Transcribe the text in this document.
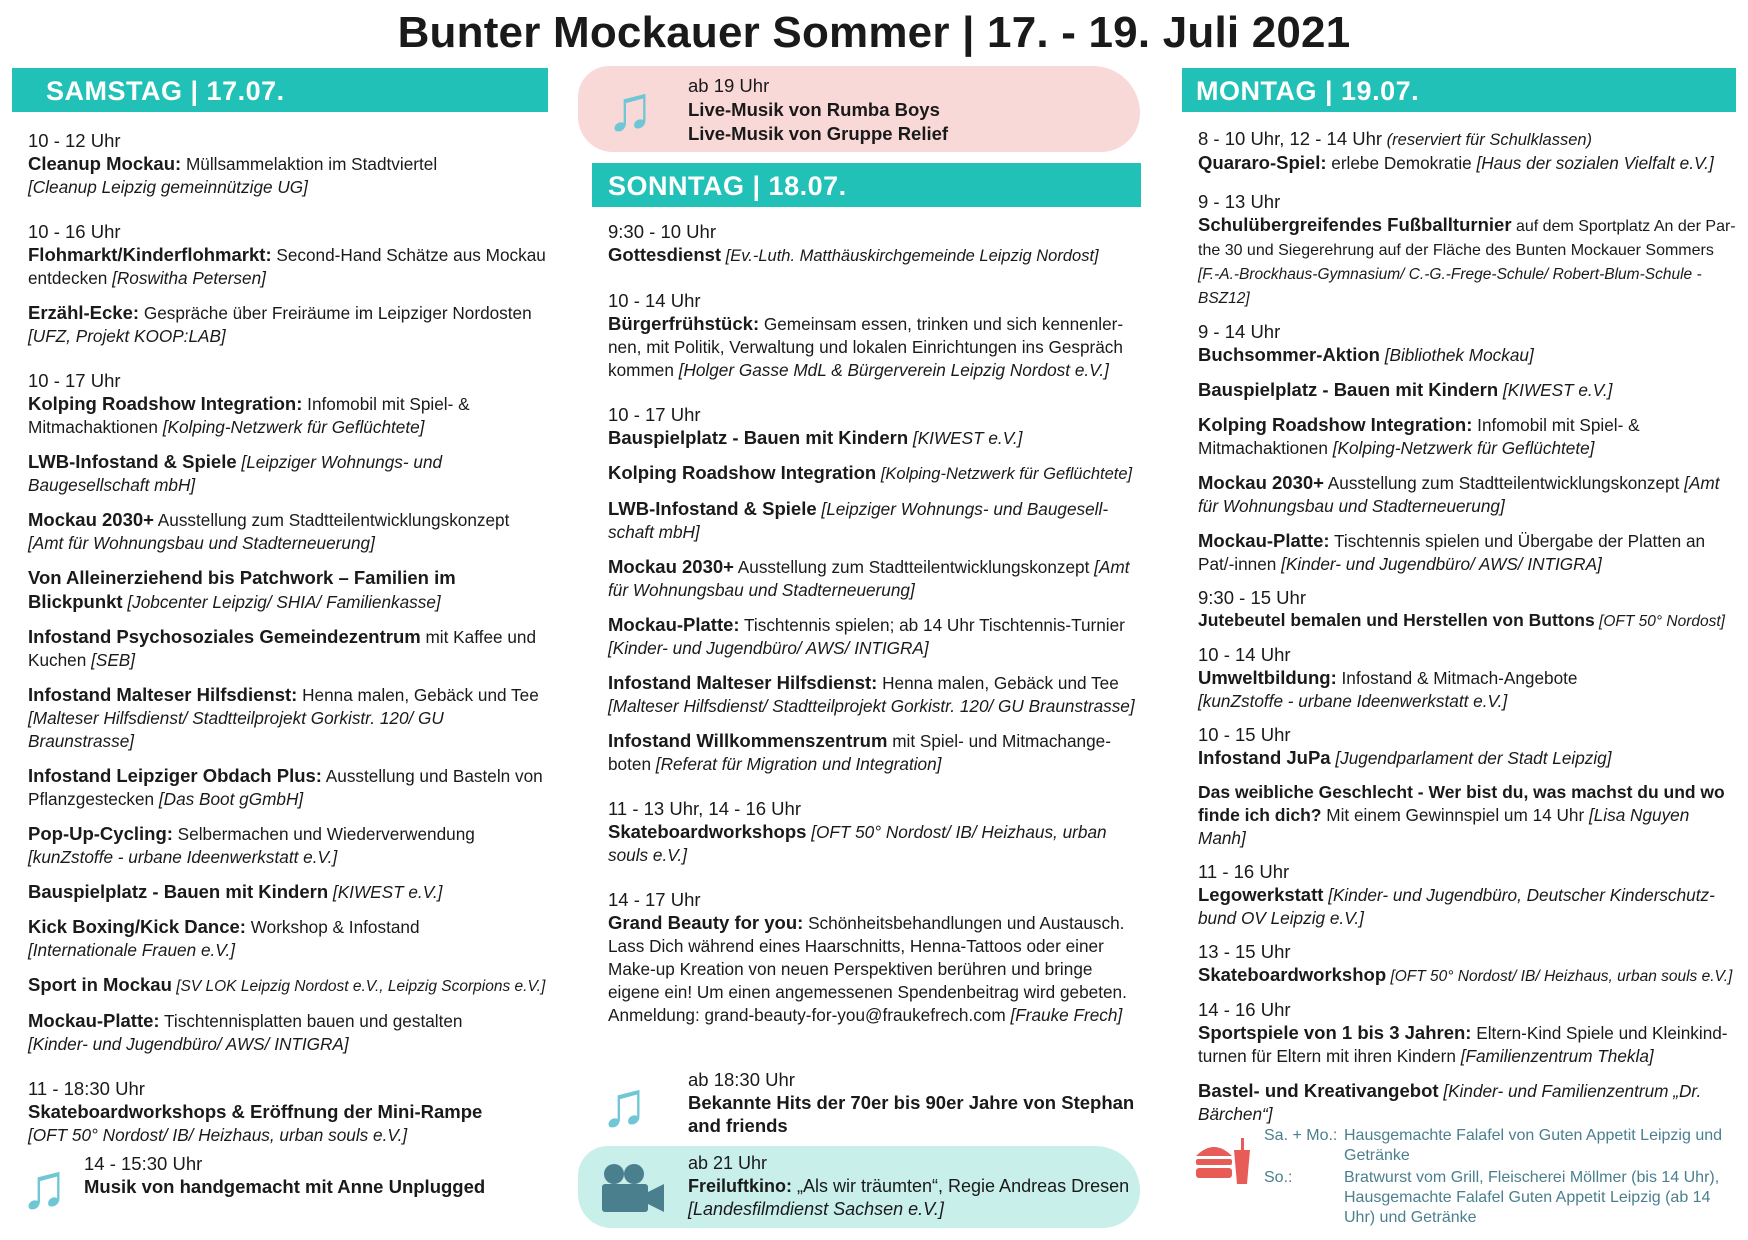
Bunter Mockauer Sommer | 17. - 19. Juli 2021
SAMSTAG | 17.07.
10 - 12 Uhr
Cleanup Mockau: Müllsammelaktion im Stadtviertel
[Cleanup Leipzig gemeinnützige UG]
10 - 16 Uhr
Flohmarkt/Kinderflohmarkt: Second-Hand Schätze aus Mockau entdecken [Roswitha Petersen]
Erzähl-Ecke: Gespräche über Freiräume im Leipziger Nordosten [UFZ, Projekt KOOP:LAB]
10 - 17 Uhr
Kolping Roadshow Integration: Infomobil mit Spiel- & Mitmachaktionen [Kolping-Netzwerk für Geflüchtete]
LWB-Infostand & Spiele [Leipziger Wohnungs- und Baugesellschaft mbH]
Mockau 2030+ Ausstellung zum Stadtteilentwicklungskonzept [Amt für Wohnungsbau und Stadterneuerung]
Von Alleinerziehend bis Patchwork – Familien im Blickpunkt [Jobcenter Leipzig/ SHIA/ Familienkasse]
Infostand Psychosoziales Gemeindezentrum mit Kaffee und Kuchen [SEB]
Infostand Malteser Hilfsdienst: Henna malen, Gebäck und Tee [Malteser Hilfsdienst/ Stadtteilprojekt Gorkistr. 120/ GU Braunstrasse]
Infostand Leipziger Obdach Plus: Ausstellung und Basteln von Pflanzgestecken [Das Boot gGmbH]
Pop-Up-Cycling: Selbermachen und Wiederverwendung [kunZstoffe - urbane Ideenwerkstatt e.V.]
Bauspielplatz - Bauen mit Kindern [KIWEST e.V.]
Kick Boxing/Kick Dance: Workshop & Infostand
[Internationale Frauen e.V.]
Sport in Mockau [SV LOK Leipzig Nordost e.V., Leipzig Scorpions e.V.]
Mockau-Platte: Tischtennisplatten bauen und gestalten
[Kinder- und Jugendbüro/ AWS/ INTIGRA]
11 - 18:30 Uhr
Skateboardworkshops & Eröffnung der Mini-Rampe
[OFT 50° Nordost/ IB/ Heizhaus, urban souls e.V.]
♫ 14 - 15:30 Uhr
Musik von handgemacht mit Anne Unplugged
♫ ab 19 Uhr
Live-Musik von Rumba Boys
Live-Musik von Gruppe Relief
SONNTAG | 18.07.
9:30 - 10 Uhr
Gottesdienst [Ev.-Luth. Matthäuskirchgemeinde Leipzig Nordost]
10 - 14 Uhr
Bürgerfrühstück: Gemeinsam essen, trinken und sich kennenler-nen, mit Politik, Verwaltung und lokalen Einrichtungen ins Gespräch kommen [Holger Gasse MdL & Bürgerverein Leipzig Nordost e.V.]
10 - 17 Uhr
Bauspielplatz - Bauen mit Kindern [KIWEST e.V.]
Kolping Roadshow Integration [Kolping-Netzwerk für Geflüchtete]
LWB-Infostand & Spiele [Leipziger Wohnungs- und Baugesell-schaft mbH]
Mockau 2030+ Ausstellung zum Stadtteilentwicklungskonzept [Amt für Wohnungsbau und Stadterneuerung]
Mockau-Platte: Tischtennis spielen; ab 14 Uhr Tischtennis-Turnier [Kinder- und Jugendbüro/ AWS/ INTIGRA]
Infostand Malteser Hilfsdienst: Henna malen, Gebäck und Tee [Malteser Hilfsdienst/ Stadtteilprojekt Gorkistr. 120/ GU Braunstrasse]
Infostand Willkommenszentrum mit Spiel- und Mitmachange-boten [Referat für Migration und Integration]
11 - 13 Uhr, 14 - 16 Uhr
Skateboardworkshops [OFT 50° Nordost/ IB/ Heizhaus, urban souls e.V.]
14 - 17 Uhr
Grand Beauty for you: Schönheitsbehandlungen und Austausch. Lass Dich während eines Haarschnitts, Henna-Tattoos oder einer Make-up Kreation von neuen Perspektiven berühren und bringe eigene ein! Um einen angemessenen Spendenbeitrag wird gebeten. Anmeldung: grand-beauty-for-you@fraukefrech.com [Frauke Frech]
♫ ab 18:30 Uhr
Bekannte Hits der 70er bis 90er Jahre von Stephan and friends
ab 21 Uhr
Freiluftkino: „Als wir träumten“, Regie Andreas Dresen
[Landesfilmdienst Sachsen e.V.]
MONTAG | 19.07.
8 - 10 Uhr, 12 - 14 Uhr (reserviert für Schulklassen)
Quararo-Spiel: erlebe Demokratie [Haus der sozialen Vielfalt e.V.]
9 - 13 Uhr
Schulübergreifendes Fußballturnier auf dem Sportplatz An der Par-the 30 und Siegerehrung auf der Fläche des Bunten Mockauer Sommers [F.-A.-Brockhaus-Gymnasium/ C.-G.-Frege-Schule/ Robert-Blum-Schule - BSZ12]
9 - 14 Uhr
Buchsommer-Aktion [Bibliothek Mockau]
Bauspielplatz - Bauen mit Kindern [KIWEST e.V.]
Kolping Roadshow Integration: Infomobil mit Spiel- & Mitmachaktionen [Kolping-Netzwerk für Geflüchtete]
Mockau 2030+ Ausstellung zum Stadtteilentwicklungskonzept [Amt für Wohnungsbau und Stadterneuerung]
Mockau-Platte: Tischtennis spielen und Übergabe der Platten an Pat/-innen [Kinder- und Jugendbüro/ AWS/ INTIGRA]
9:30 - 15 Uhr
Jutebeutel bemalen und Herstellen von Buttons [OFT 50° Nordost]
10 - 14 Uhr
Umweltbildung: Infostand & Mitmach-Angebote
[kunZstoffe - urbane Ideenwerkstatt e.V.]
10 - 15 Uhr
Infostand JuPa [Jugendparlament der Stadt Leipzig]
Das weibliche Geschlecht - Wer bist du, was machst du und wo finde ich dich? Mit einem Gewinnspiel um 14 Uhr [Lisa Nguyen Manh]
11 - 16 Uhr
Legowerkstatt [Kinder- und Jugendbüro, Deutscher Kinderschutz-bund OV Leipzig e.V.]
13 - 15 Uhr
Skateboardworkshop [OFT 50° Nordost/ IB/ Heizhaus, urban souls e.V.]
14 - 16 Uhr
Sportspiele von 1 bis 3 Jahren: Eltern-Kind Spiele und Kleinkind-turnen für Eltern mit ihren Kindern [Familienzentrum Thekla]
Bastel- und Kreativangebot [Kinder- und Familienzentrum „Dr. Bärchen“]
Sa. + Mo.: Hausgemachte Falafel von Guten Appetit Leipzig und Getränke
So.:	Bratwurst vom Grill, Fleischerei Möllmer (bis 14 Uhr), Hausgemachte Falafel Guten Appetit Leipzig (ab 14 Uhr) und Getränke
